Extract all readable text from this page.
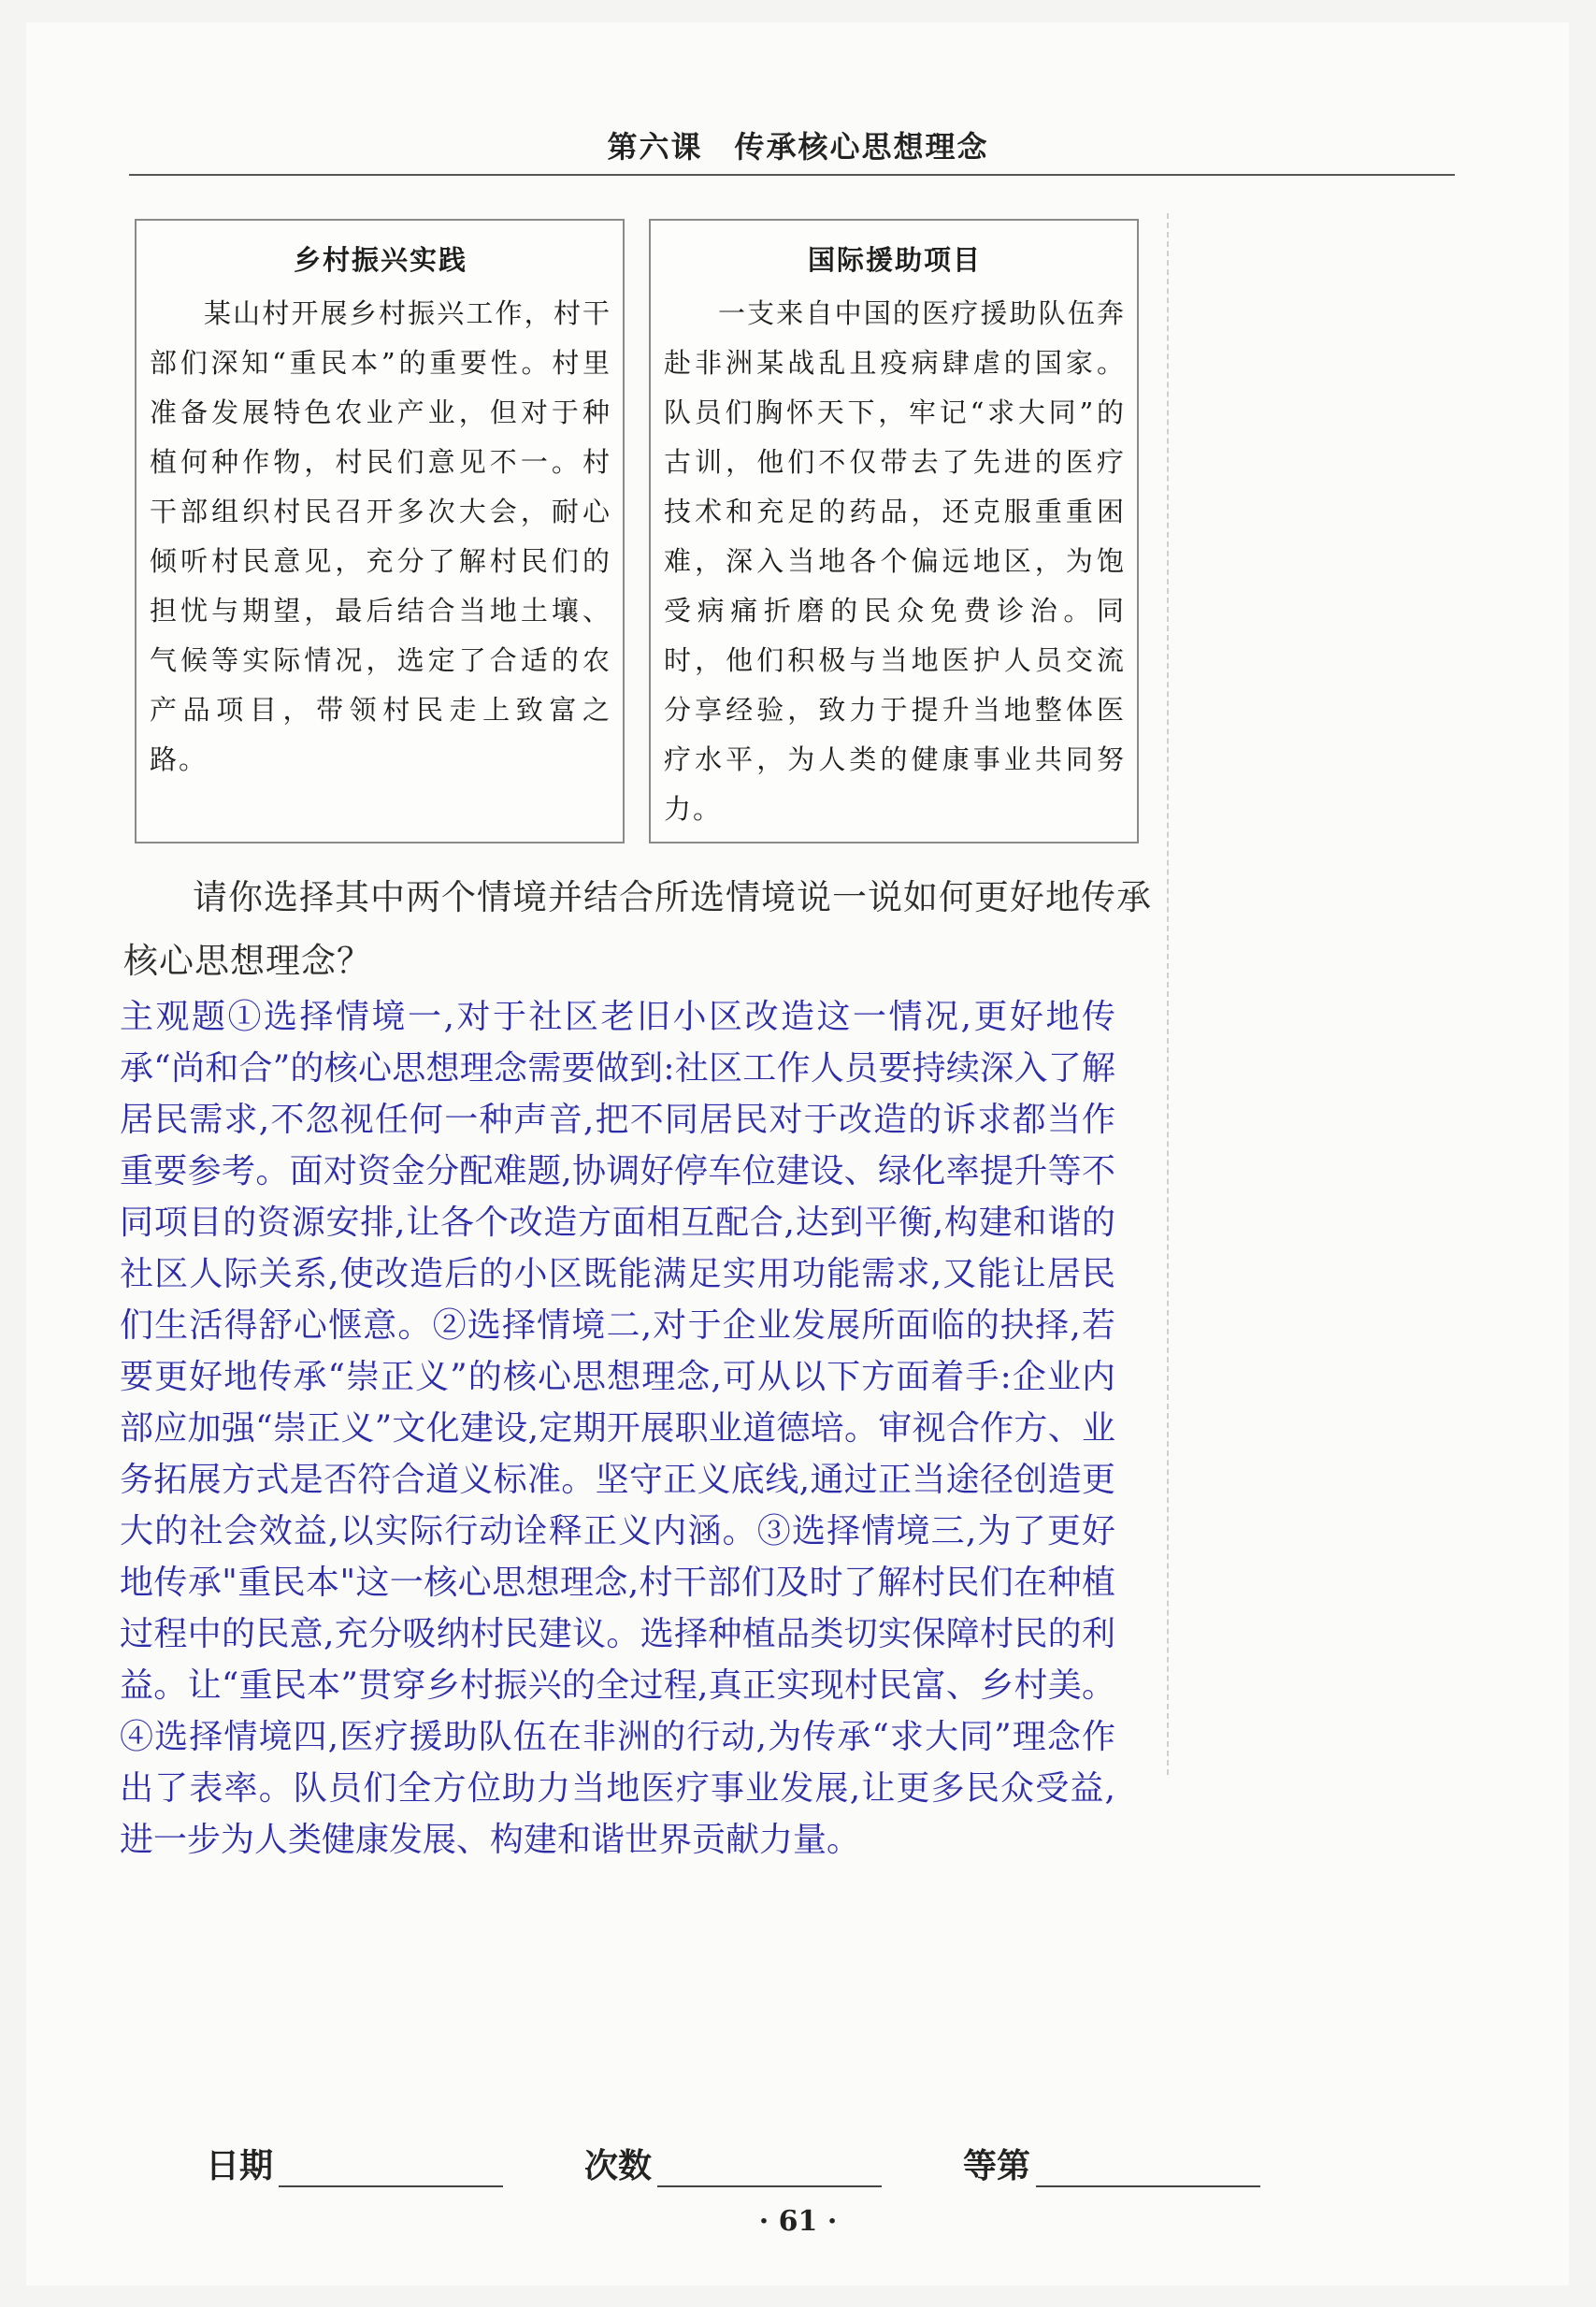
第六课　传承核心思想理念
乡村振兴实践
某山村开展乡村振兴工作，村干部们深知“重民本”的重要性。村里准备发展特色农业产业，但对于种植何种作物，村民们意见不一。村干部组织村民召开多次大会，耐心倾听村民意见，充分了解村民们的担忧与期望，最后结合当地土壤、气候等实际情况，选定了合适的农产品项目，带领村民走上致富之路。
国际援助项目
一支来自中国的医疗援助队伍奔赴非洲某战乱且疫病肆虐的国家。队员们胸怀天下，牢记“求大同”的古训，他们不仅带去了先进的医疗技术和充足的药品，还克服重重困难，深入当地各个偏远地区，为饱受病痛折磨的民众免费诊治。同时，他们积极与当地医护人员交流分享经验，致力于提升当地整体医疗水平，为人类的健康事业共同努力。
请你选择其中两个情境并结合所选情境说一说如何更好地传承核心思想理念？
主观题①选择情境一,对于社区老旧小区改造这一情况,更好地传承“尚和合”的核心思想理念需要做到:社区工作人员要持续深入了解居民需求,不忽视任何一种声音,把不同居民对于改造的诉求都当作重要参考。面对资金分配难题,协调好停车位建设、绿化率提升等不同项目的资源安排,让各个改造方面相互配合,达到平衡,构建和谐的社区人际关系,使改造后的小区既能满足实用功能需求,又能让居民们生活得舒心惬意。②选择情境二,对于企业发展所面临的抉择,若要更好地传承“崇正义”的核心思想理念,可从以下方面着手:企业内部应加强“崇正义”文化建设,定期开展职业道德培。审视合作方、业务拓展方式是否符合道义标准。坚守正义底线,通过正当途径创造更大的社会效益,以实际行动诠释正义内涵。③选择情境三,为了更好地传承"重民本"这一核心思想理念,村干部们及时了解村民们在种植过程中的民意,充分吸纳村民建议。选择种植品类切实保障村民的利益。让“重民本”贯穿乡村振兴的全过程,真正实现村民富、乡村美。④选择情境四,医疗援助队伍在非洲的行动,为传承“求大同”理念作出了表率。队员们全方位助力当地医疗事业发展,让更多民众受益,进一步为人类健康发展、构建和谐世界贡献力量。
日期	次数	等第
· 61 ·
